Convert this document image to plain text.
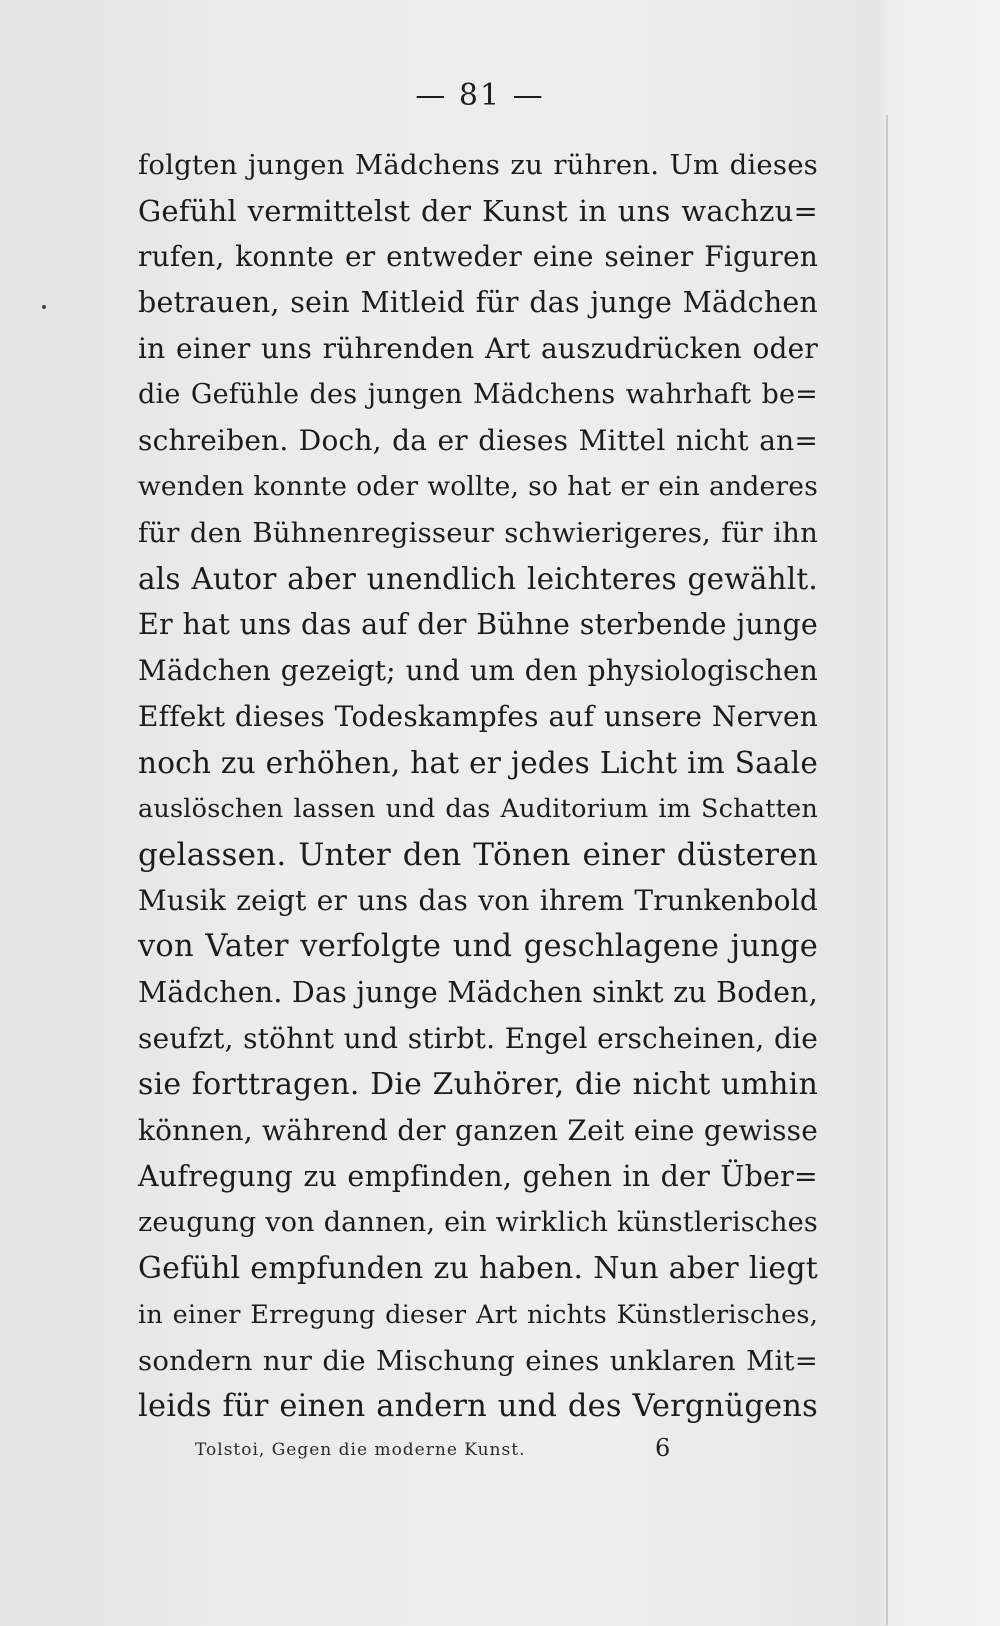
— 81 —
folgten jungen Mädchens zu rühren. Um dieses
Gefühl vermittelst der Kunst in uns wachzu=
rufen, konnte er entweder eine seiner Figuren
betrauen, sein Mitleid für das junge Mädchen
in einer uns rührenden Art auszudrücken oder
die Gefühle des jungen Mädchens wahrhaft be=
schreiben. Doch, da er dieses Mittel nicht an=
wenden konnte oder wollte, so hat er ein anderes
für den Bühnenregisseur schwierigeres, für ihn
als Autor aber unendlich leichteres gewählt.
Er hat uns das auf der Bühne sterbende junge
Mädchen gezeigt; und um den physiologischen
Effekt dieses Todeskampfes auf unsere Nerven
noch zu erhöhen, hat er jedes Licht im Saale
auslöschen lassen und das Auditorium im Schatten
gelassen. Unter den Tönen einer düsteren
Musik zeigt er uns das von ihrem Trunkenbold
von Vater verfolgte und geschlagene junge
Mädchen. Das junge Mädchen sinkt zu Boden,
seufzt, stöhnt und stirbt. Engel erscheinen, die
sie forttragen. Die Zuhörer, die nicht umhin
können, während der ganzen Zeit eine gewisse
Aufregung zu empfinden, gehen in der Über=
zeugung von dannen, ein wirklich künstlerisches
Gefühl empfunden zu haben. Nun aber liegt
in einer Erregung dieser Art nichts Künstlerisches,
sondern nur die Mischung eines unklaren Mit=
leids für einen andern und des Vergnügens
Tolstoi, Gegen die moderne Kunst.	6
